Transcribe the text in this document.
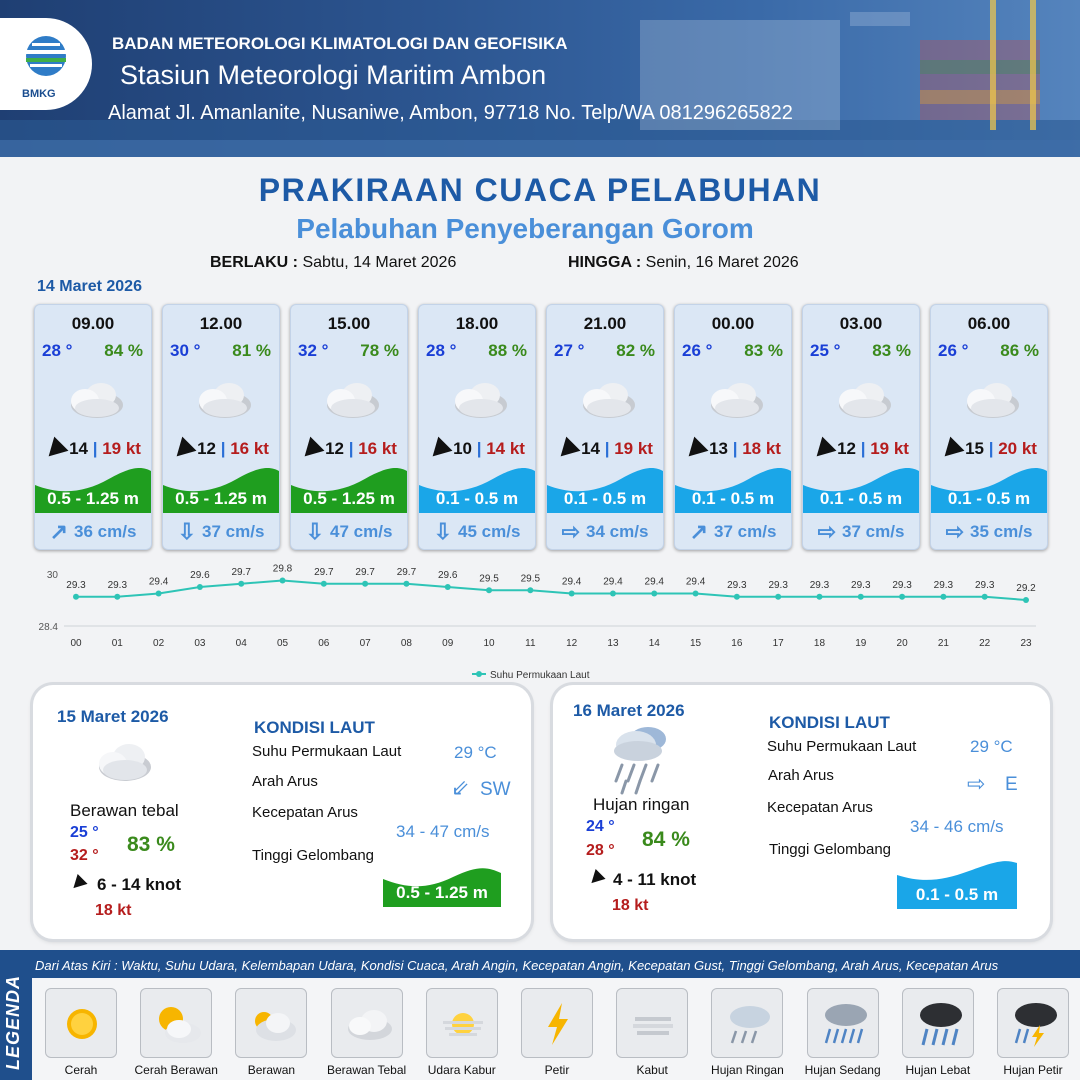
BMKG
BADAN METEOROLOGI KLIMATOLOGI DAN GEOFISIKA
Stasiun Meteorologi Maritim Ambon
Alamat Jl. Amanlanite, Nusaniwe, Ambon, 97718 No. Telp/WA 081296265822
PRAKIRAAN CUACA PELABUHAN
Pelabuhan Penyeberangan Gorom
BERLAKU : Sabtu, 14 Maret 2026	HINGGA : Senin, 16 Maret 2026
14 Maret 2026
09.00
28 ° 84 %
14 | 19 kt
0.5 - 1.25 m
↗ 36 cm/s
12.00
30 ° 81 %
12 | 16 kt
0.5 - 1.25 m
⇩ 37 cm/s
15.00
32 ° 78 %
12 | 16 kt
0.5 - 1.25 m
⇩ 47 cm/s
18.00
28 ° 88 %
10 | 14 kt
0.1 - 0.5 m
⇩ 45 cm/s
21.00
27 ° 82 %
14 | 19 kt
0.1 - 0.5 m
⇨ 34 cm/s
00.00
26 ° 83 %
13 | 18 kt
0.1 - 0.5 m
↗ 37 cm/s
03.00
25 ° 83 %
12 | 19 kt
0.1 - 0.5 m
⇨ 37 cm/s
06.00
26 ° 86 %
15 | 20 kt
0.1 - 0.5 m
⇨ 35 cm/s
30
28.4
29.3
00
29.3
01
29.4
02
29.6
03
29.7
04
29.8
05
29.7
06
29.7
07
29.7
08
29.6
09
29.5
10
29.5
11
29.4
12
29.4
13
29.4
14
29.4
15
29.3
16
29.3
17
29.3
18
29.3
19
29.3
20
29.3
21
29.3
22
29.2
23
Suhu Permukaan Laut
15 Maret 2026
Berawan tebal
25 °
32 ° 83 %
6 - 14 knot
18 kt
KONDISI LAUT
Suhu Permukaan Laut	29 °C
Arah Arus	⇙ SW
Kecepatan Arus
34 - 47 cm/s
Tinggi Gelombang
0.5 - 1.25 m
16 Maret 2026
Hujan ringan
24 °
28 ° 84 %
4 - 11 knot
18 kt
KONDISI LAUT
Suhu Permukaan Laut	29 °C
Arah Arus	⇨ E
Kecepatan Arus
34 - 46 cm/s
Tinggi Gelombang
0.1 - 0.5 m
LEGENDA
Dari Atas Kiri : Waktu, Suhu Udara, Kelembapan Udara, Kondisi Cuaca, Arah Angin, Kecepatan Angin, Kecepatan Gust, Tinggi Gelombang, Arah Arus, Kecepatan Arus
Cerah	Cerah Berawan	Berawan	Berawan Tebal	Udara Kabur	Petir	Kabut	Hujan Ringan	Hujan Sedang	Hujan Lebat	Hujan Petir
